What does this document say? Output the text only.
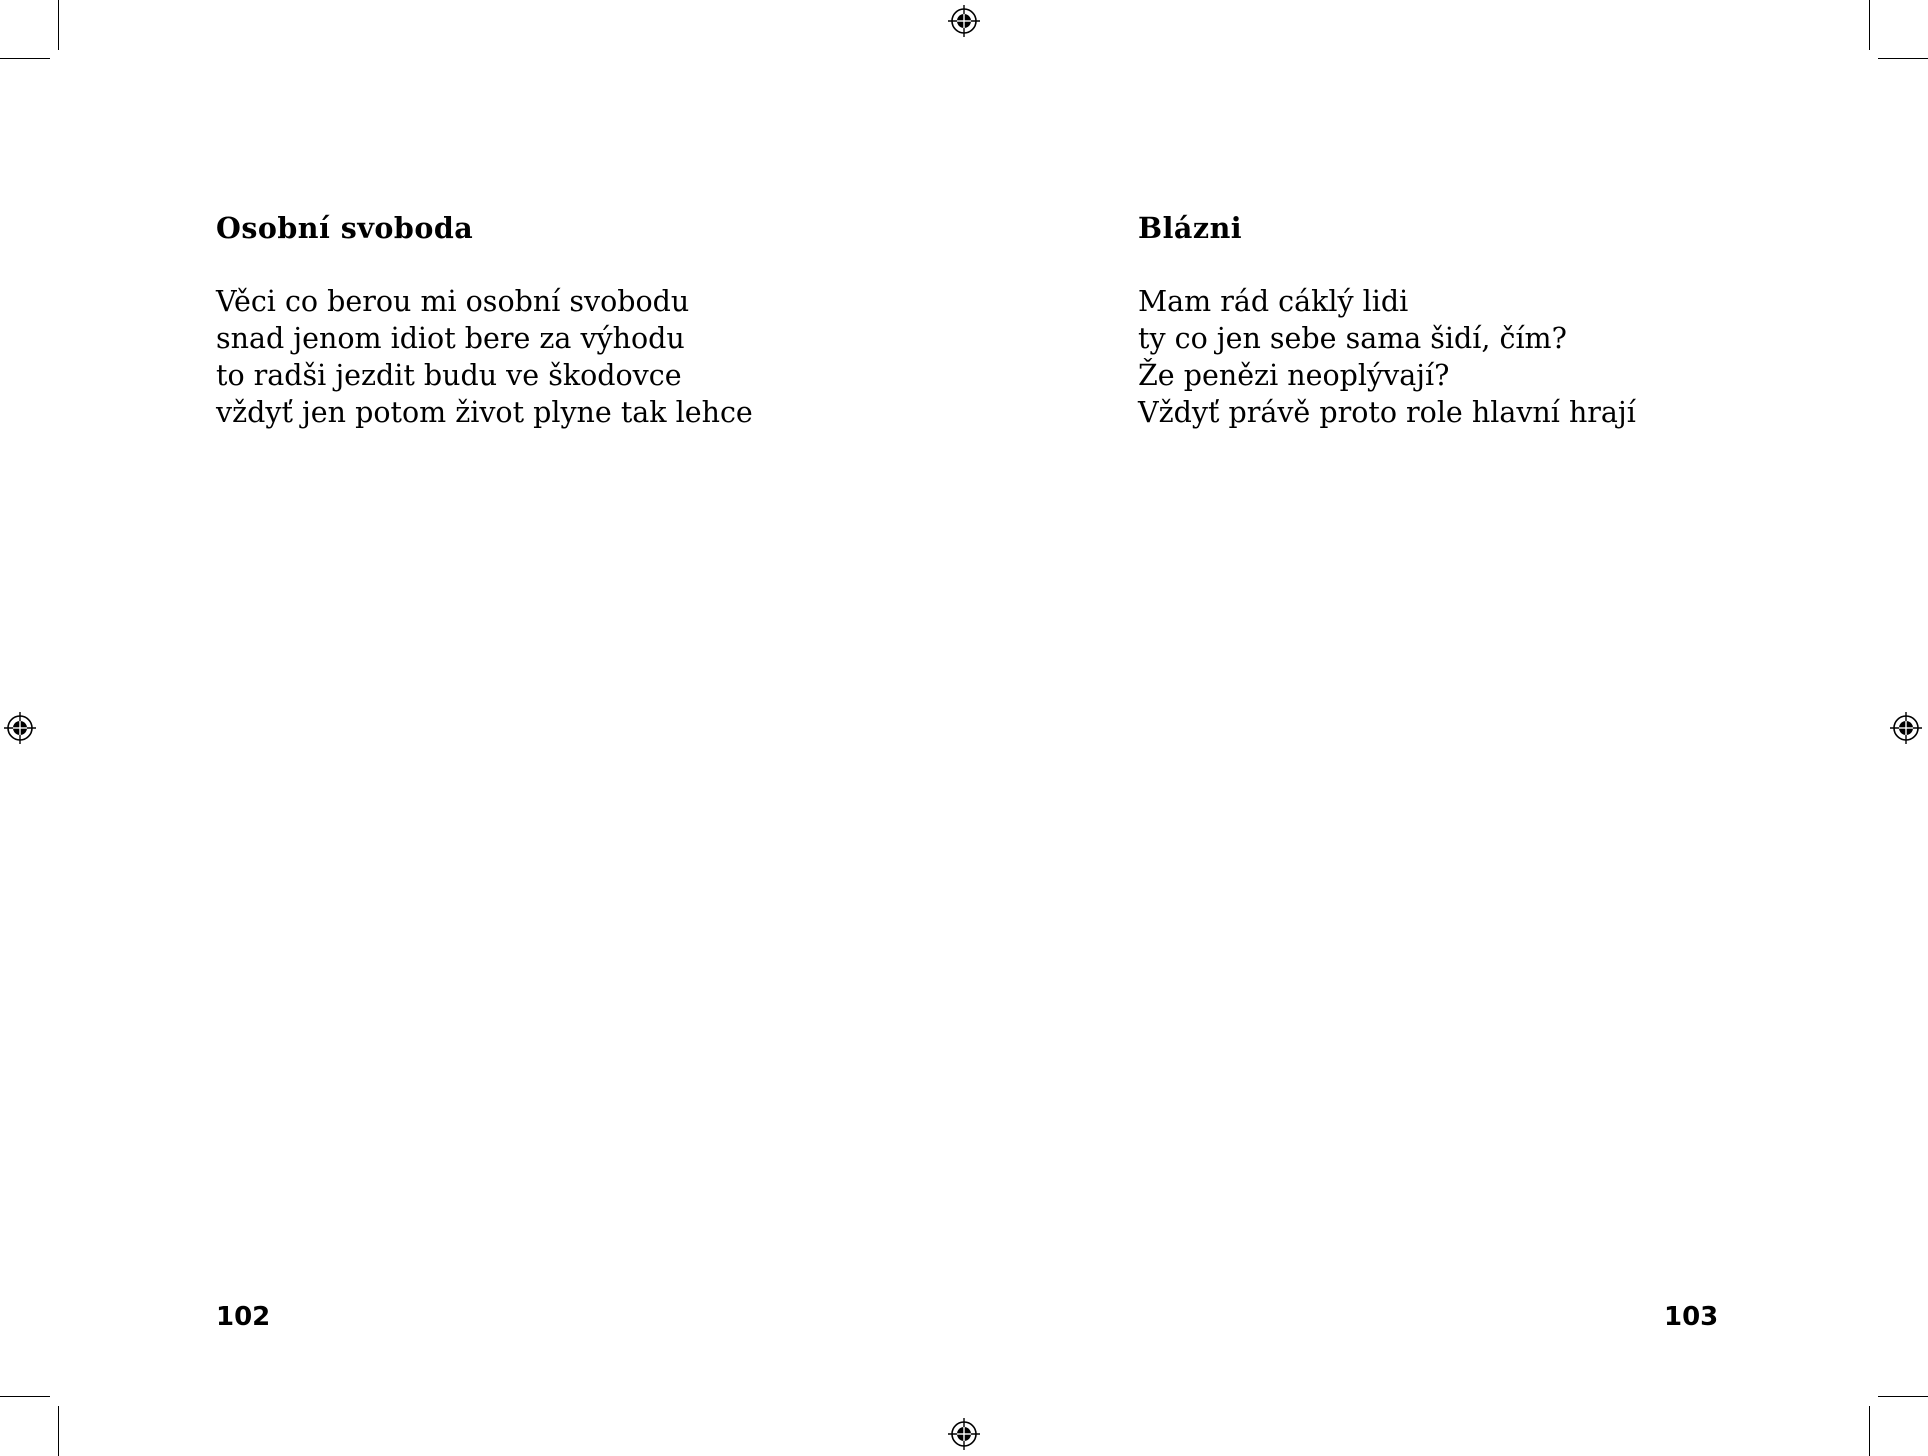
Osobní svoboda
Věci co berou mi osobní svobodu
snad jenom idiot bere za výhodu
to radši jezdit budu ve škodovce
vždyť jen potom život plyne tak lehce
102
Blázni
Mam rád cáklý lidi
ty co jen sebe sama šidí, čím?
Že penězi neoplývají?
Vždyť právě proto role hlavní hrají
103
